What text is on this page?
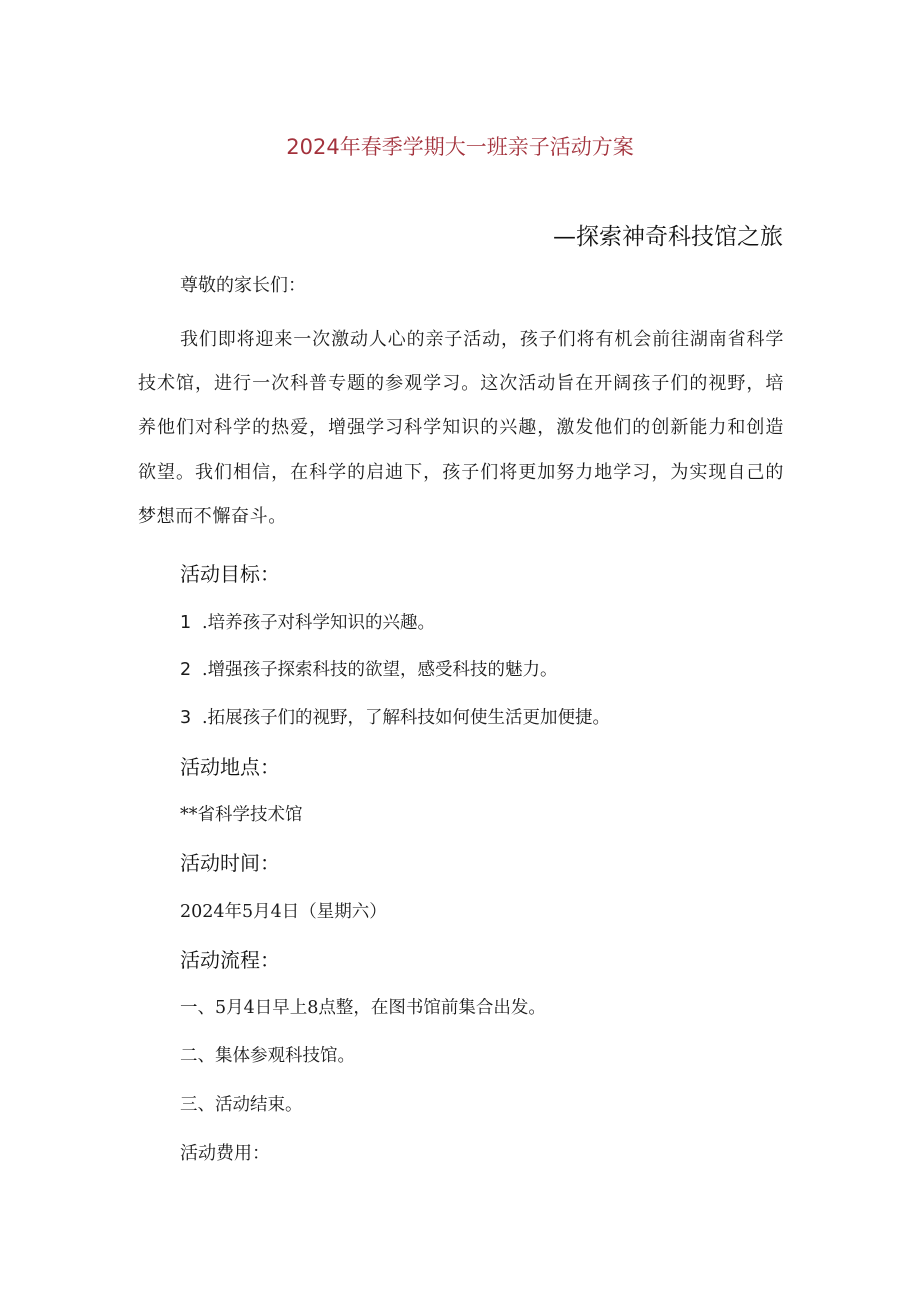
2024年春季学期大一班亲子活动方案
—探索神奇科技馆之旅

尊敬的家长们：

我们即将迎来一次激动人心的亲子活动，孩子们将有机会前往湖南省科学技术馆，进行一次科普专题的参观学习。这次活动旨在开阔孩子们的视野，培养他们对科学的热爱，增强学习科学知识的兴趣，激发他们的创新能力和创造欲望。我们相信，在科学的启迪下，孩子们将更加努力地学习，为实现自己的梦想而不懈奋斗。

活动目标：

1 .培养孩子对科学知识的兴趣。

2 .增强孩子探索科技的欲望，感受科技的魅力。

3 .拓展孩子们的视野，了解科技如何使生活更加便捷。

活动地点：

**省科学技术馆

活动时间：

2024年5月4日（星期六）

活动流程：

一、5月4日早上8点整，在图书馆前集合出发。

二、集体参观科技馆。

三、活动结束。

活动费用：
